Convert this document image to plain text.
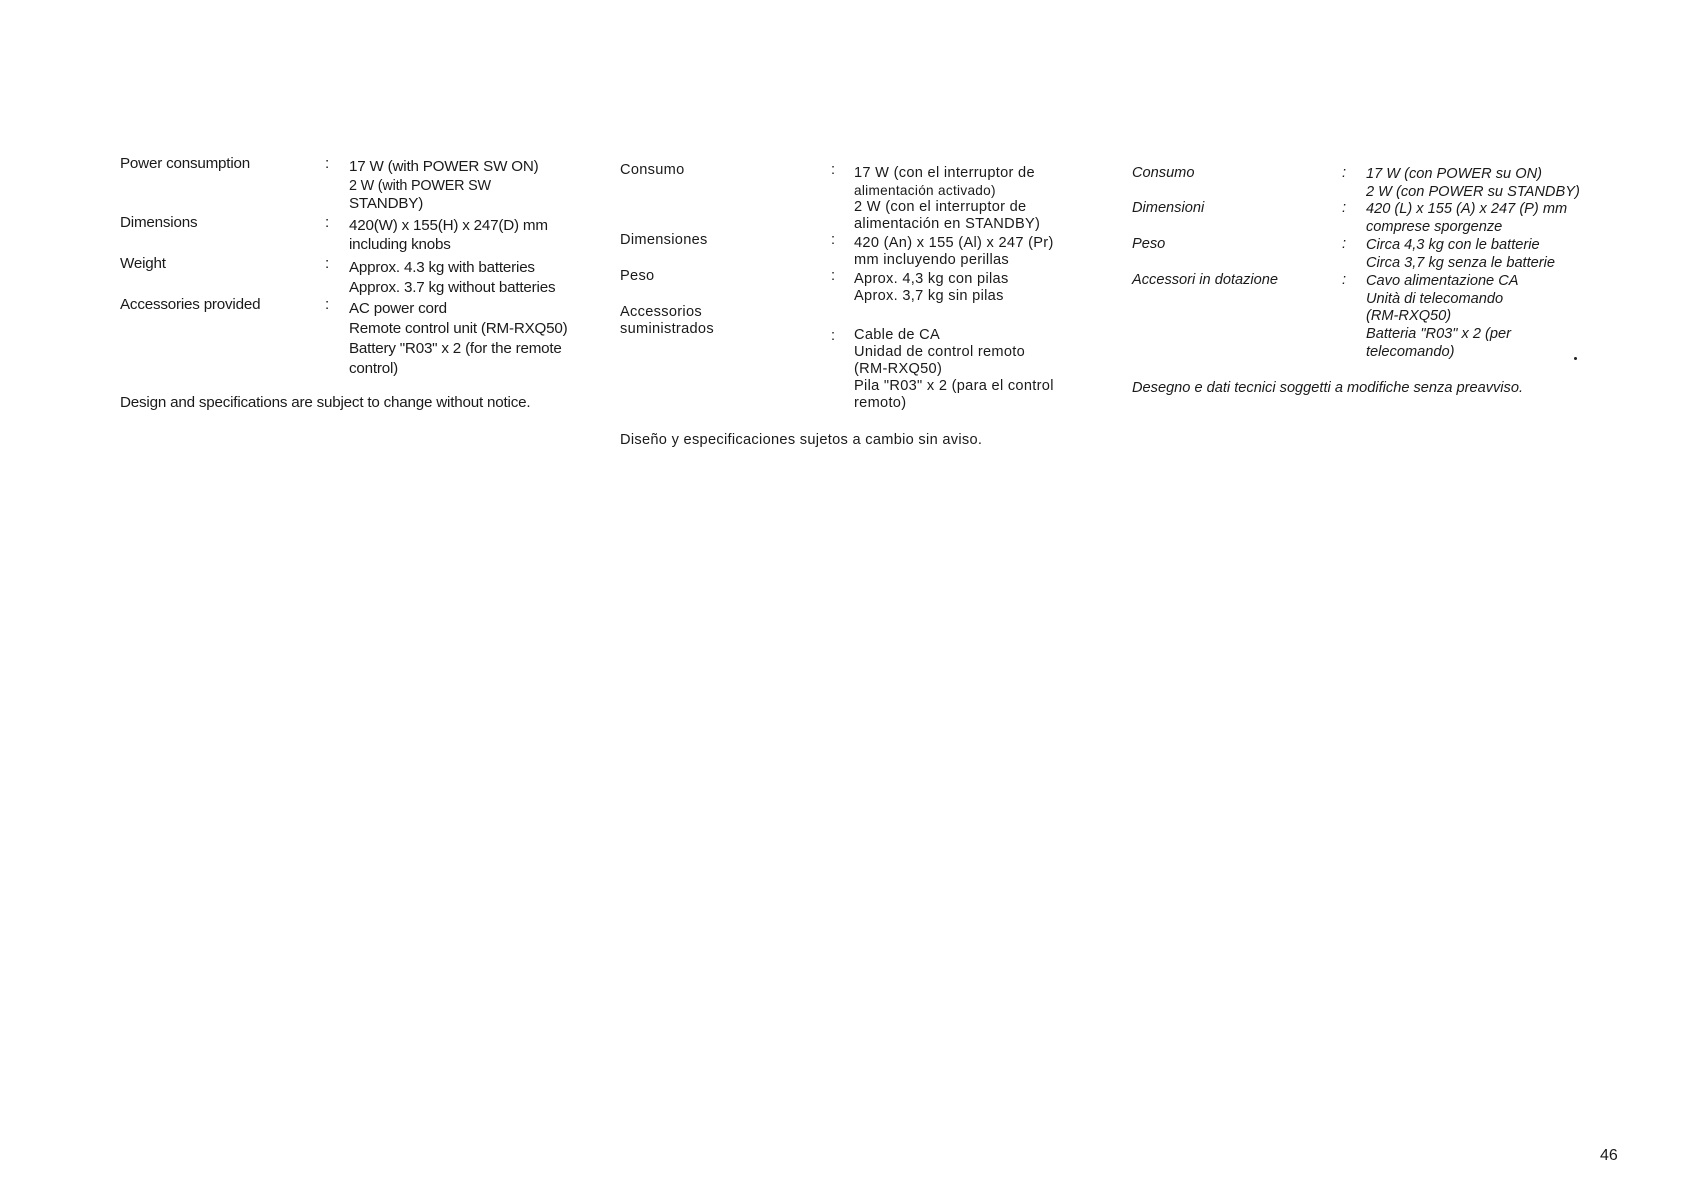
Power consumption	: 17 W (with POWER SW ON)
2 W (with POWER SW
STANDBY)
Dimensions	: 420(W) x 155(H) x 247(D) mm
including knobs
Weight	: Approx. 4.3 kg with batteries
Approx. 3.7 kg without batteries
Accessories provided	: AC power cord
Remote control unit (RM-RXQ50)
Battery "R03" x 2 (for the remote
control)
Design and specifications are subject to change without notice.
Consumo	: 17 W (con el interruptor de
alimentación activado)
2 W (con el interruptor de
alimentación en STANDBY)
Dimensiones	: 420 (An) x 155 (Al) x 247 (Pr)
mm incluyendo perillas
Peso	: Aprox. 4,3 kg con pilas
Aprox. 3,7 kg sin pilas
Accessorios
suministrados	: Cable de CA
Unidad de control remoto
(RM-RXQ50)
Pila "R03" x 2 (para el control
remoto)
Diseño y especificaciones sujetos a cambio sin aviso.
Consumo	: 17 W (con POWER su ON)
2 W (con POWER su STANDBY)
Dimensioni	: 420 (L) x 155 (A) x 247 (P) mm
comprese sporgenze
Peso	: Circa 4,3 kg con le batterie
Circa 3,7 kg senza le batterie
Accessori in dotazione	: Cavo alimentazione CA
Unità di telecomando
(RM-RXQ50)
Batteria "R03" x 2 (per
telecomando)
Desegno e dati tecnici soggetti a modifiche senza preavviso.
46
